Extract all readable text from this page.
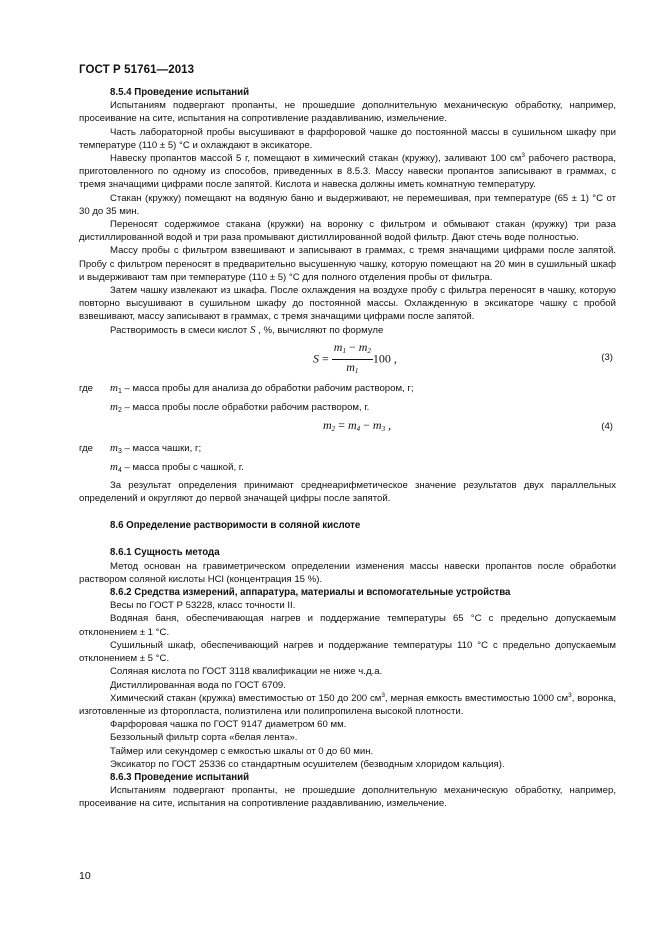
ГОСТ Р 51761—2013

8.5.4 Проведение испытаний

Испытаниям подвергают пропанты, не прошедшие дополнительную механическую обработку, например, просеивание на сите, испытания на сопротивление раздавливанию, измельчение.

Часть лабораторной пробы высушивают в фарфоровой чашке до постоянной массы в сушильном шкафу при температуре (110 ± 5) °С и охлаждают в эксикаторе.

Навеску пропантов массой 5 г, помещают в химический стакан (кружку), заливают 100 $см^3$ рабочего раствора, приготовленного по одному из способов, приведенных в 8.5.3. Массу навески пропантов записывают в граммах, с тремя значащими цифрами после запятой. Кислота и навеска должны иметь комнатную температуру.

Стакан (кружку) помещают на водяную баню и выдерживают, не перемешивая, при температуре (65 ± 1) °С от 30 до 35 мин.

Переносят содержимое стакана (кружки) на воронку с фильтром и обмывают стакан (кружку) три раза дистиллированной водой и три раза промывают дистиллированной водой фильтр. Дают стечь воде полностью.

Массу пробы с фильтром взвешивают и записывают в граммах, с тремя значащими цифрами после запятой. Пробу с фильтром переносят в предварительно высушенную чашку, которую помещают на 20 мин в сушильный шкаф и выдерживают там при температуре (110 ± 5) °С для полного отделения пробы от фильтра.

Затем чашку извлекают из шкафа. После охлаждения на воздухе пробу с фильтра переносят в чашку, которую повторно высушивают в сушильном шкафу до постоянной массы. Охлажденную в эксикаторе чашку с пробой взвешивают, массу записывают в граммах, с тремя значащими цифрами после запятой.

Растворимость в смеси кислот S , %, вычисляют по формуле

$S = \frac{m_1 - m_2}{m_1} 100$ ,	(3)
где $m_1$ – масса пробы для анализа до обработки рабочим раствором, г;
$m_2$ – масса пробы после обработки рабочим раствором, г.
$m_2 = m_4 - m_3$ ,	(4)
где $m_3$ – масса чашки, г;
$m_4$ – масса пробы с чашкой, г.

За результат определения принимают среднеарифметическое значение результатов двух параллельных определений и округляют до первой значащей цифры после запятой.

8.6 Определение растворимости в соляной кислоте

8.6.1 Сущность метода

Метод основан на гравиметрическом определении изменения массы навески пропантов после обработки раствором соляной кислоты HCl (концентрация 15 %).

8.6.2 Средства измерений, аппаратура, материалы и вспомогательные устройства

Весы по ГОСТ Р 53228, класс точности II.

Водяная баня, обеспечивающая нагрев и поддержание температуры 65 °С с предельно допускаемым отклонением ± 1 °С.

Сушильный шкаф, обеспечивающий нагрев и поддержание температуры 110 °С с предельно допускаемым отклонением ± 5 °С.

Соляная кислота по ГОСТ 3118 квалификации не ниже ч.д.а.

Дистиллированная вода по ГОСТ 6709.

Химический стакан (кружка) вместимостью от 150 до 200 $см^3$, мерная емкость вместимостью 1000 $см^3$, воронка, изготовленные из фторопласта, полиэтилена или полипропилена высокой плотности.

Фарфоровая чашка по ГОСТ 9147 диаметром 60 мм.

Беззольный фильтр сорта «белая лента».

Таймер или секундомер с емкостью шкалы от 0 до 60 мин.

Эксикатор по ГОСТ 25336 со стандартным осушителем (безводным хлоридом кальция).

8.6.3 Проведение испытаний

Испытаниям подвергают пропанты, не прошедшие дополнительную механическую обработку, например, просеивание на сите, испытания на сопротивление раздавливанию, измельчение.

10
